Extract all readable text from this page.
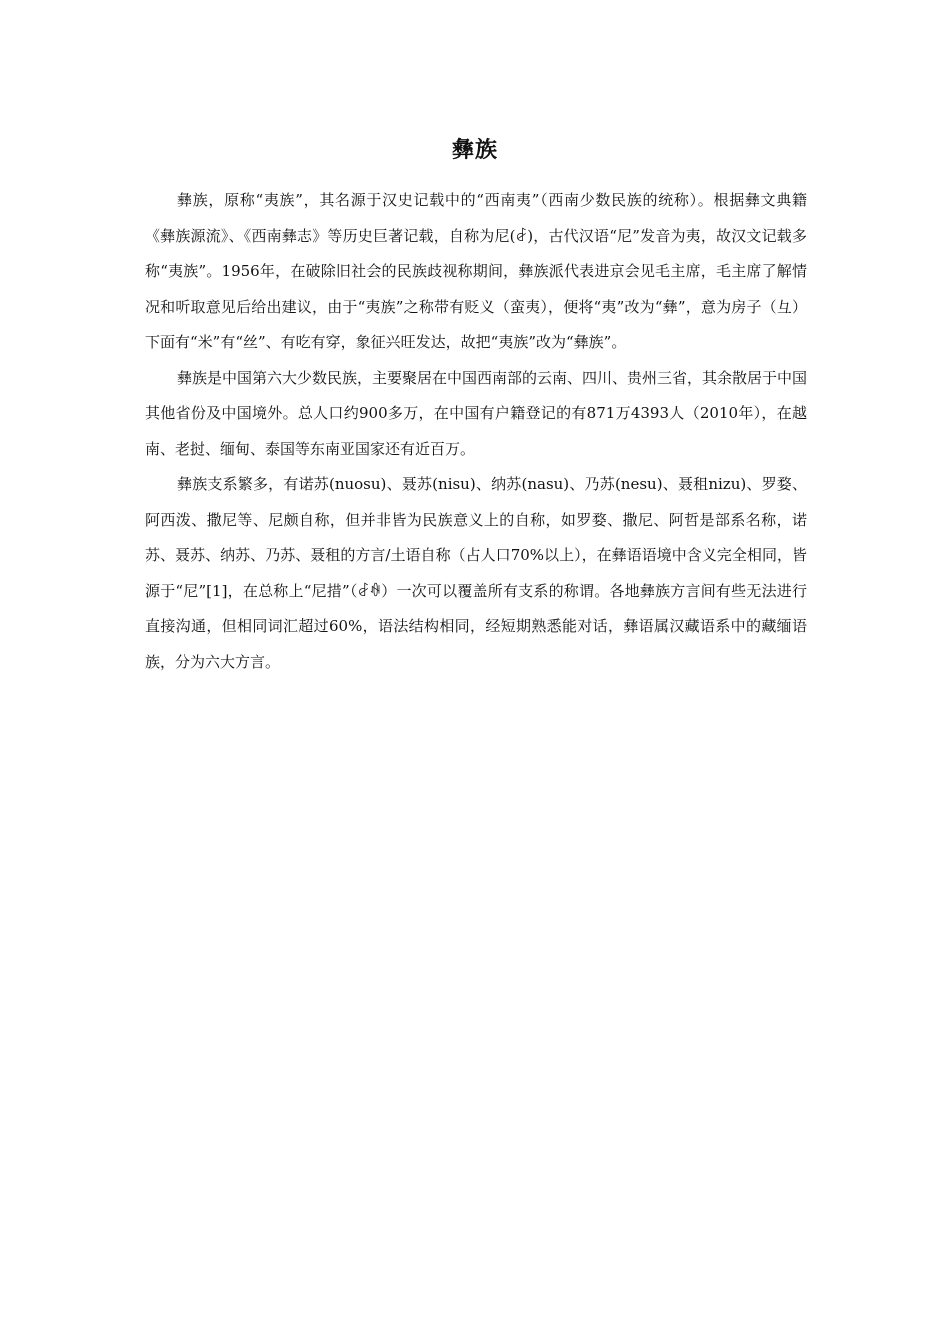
彝族

彝族，原称“夷族”，其名源于汉史记载中的“西南夷”（西南少数民族的统称）。根据彝文典籍《彝族源流》、《西南彝志》等历史巨著记载，自称为尼(ꆀ)，古代汉语“尼”发音为夷，故汉文记载多称“夷族”。1956年，在破除旧社会的民族歧视称期间，彝族派代表进京会见毛主席，毛主席了解情况和听取意见后给出建议，由于“夷族”之称带有贬义（蛮夷），便将“夷”改为“彝”，意为房子（彑）下面有“米”有“丝”、有吃有穿，象征兴旺发达，故把“夷族”改为“彝族”。

彝族是中国第六大少数民族，主要聚居在中国西南部的云南、四川、贵州三省，其余散居于中国其他省份及中国境外。总人口约900多万，在中国有户籍登记的有871万4393人（2010年），在越南、老挝、缅甸、泰国等东南亚国家还有近百万。

彝族支系繁多，有诺苏(nuosu)、聂苏(nisu)、纳苏(nasu)、乃苏(nesu)、聂租nizu)、罗婺、阿西泼、撒尼等、尼颇自称，但并非皆为民族意义上的自称，如罗婺、撒尼、阿哲是部系名称，诺苏、聂苏、纳苏、乃苏、聂租的方言/土语自称（占人口70%以上），在彝语语境中含义完全相同，皆源于“尼”[1]，在总称上“尼措”（ꆀꊿ）一次可以覆盖所有支系的称谓。各地彝族方言间有些无法进行直接沟通，但相同词汇超过60%，语法结构相同，经短期熟悉能对话，彝语属汉藏语系中的藏缅语族，分为六大方言。
